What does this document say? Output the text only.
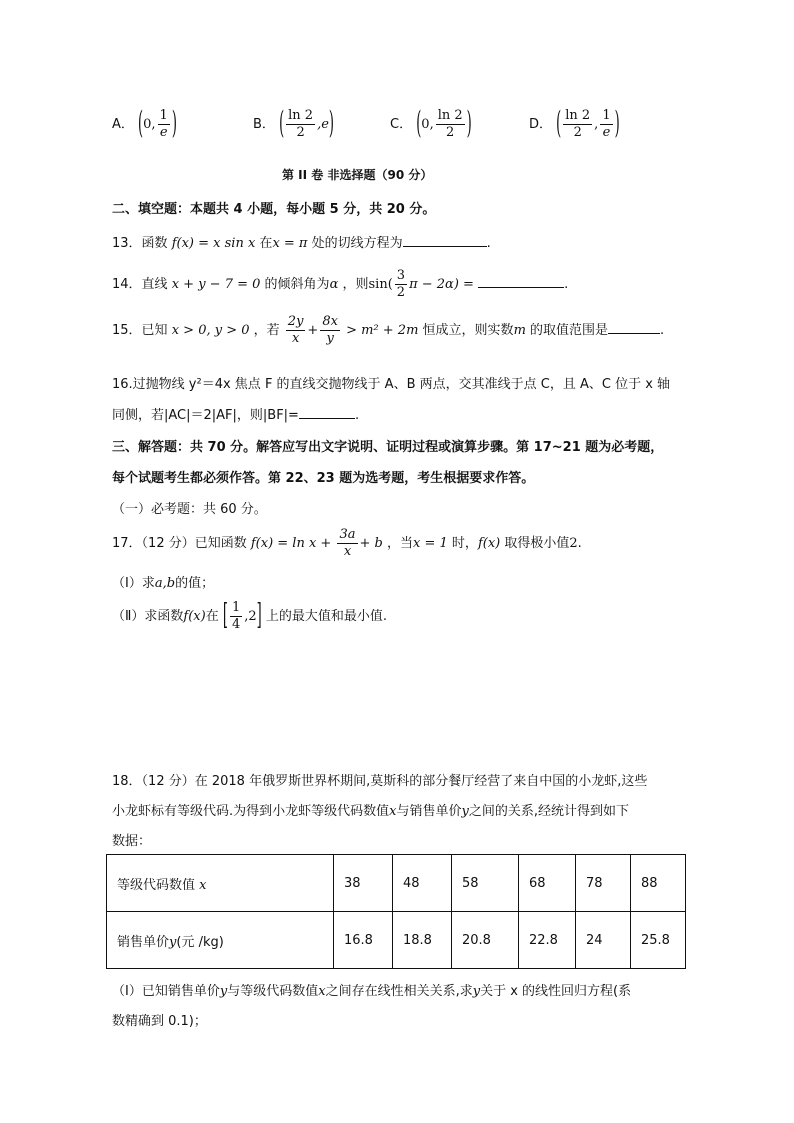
A． (0, $\frac{1}{e}$ )	B． ( $\frac{\ln 2}{2} ,e$)	C． (0, $\frac{\ln 2}{2}$ )	D． ( $\frac{\ln 2}{2}$ , $\frac{1}{e}$ )
第 II 卷 非选择题（90 分）
二、填空题：本题共 4 小题，每小题 5 分，共 20 分。
13．函数 f(x) = x sin x 在x = π 处的切线方程为	.
14．直线 x + y − 7 = 0 的倾斜角为α ，则$\sin( \frac{3}{2}$ π − 2α) =	.
15．已知 x > 0, y > 0 ，若 $\frac{2y}{x} + \frac{8x}{y} > m^2 + 2m$ 恒成立，则实数m 的取值范围是	.
16.过抛物线 y²＝4x 焦点 F 的直线交抛物线于 A、B 两点，交其准线于点 C，且 A、C 位于 x 轴
同侧，若|AC|＝2|AF|，则|BF|=	.
三、解答题：共 70 分。解答应写出文字说明、证明过程或演算步骤。第 17~21 题为必考题，
每个试题考生都必须作答。第 22、23 题为选考题，考生根据要求作答。
（一）必考题：共 60 分。
17．（12 分）已知函数 $f(x) = \ln x + \frac{3a}{x} + b$ ，当x = 1 时，f(x) 取得极小值2.
（Ⅰ）求a,b的值；
（Ⅱ）求函数f(x)在 [ $\frac{1}{4} ,2$] 上的最大值和最小值.
18．（12 分）在 2018 年俄罗斯世界杯期间,莫斯科的部分餐厅经营了来自中国的小龙虾,这些
小龙虾标有等级代码.为得到小龙虾等级代码数值x与销售单价y之间的关系,经统计得到如下
数据：
等级代码数值 x	38	48	58	68	78	88
销售单价y(元 /kg)	16.8	18.8	20.8	22.8	24	25.8
（Ⅰ）已知销售单价y与等级代码数值x之间存在线性相关关系,求y关于 x 的线性回归方程(系
数精确到 0.1)；
